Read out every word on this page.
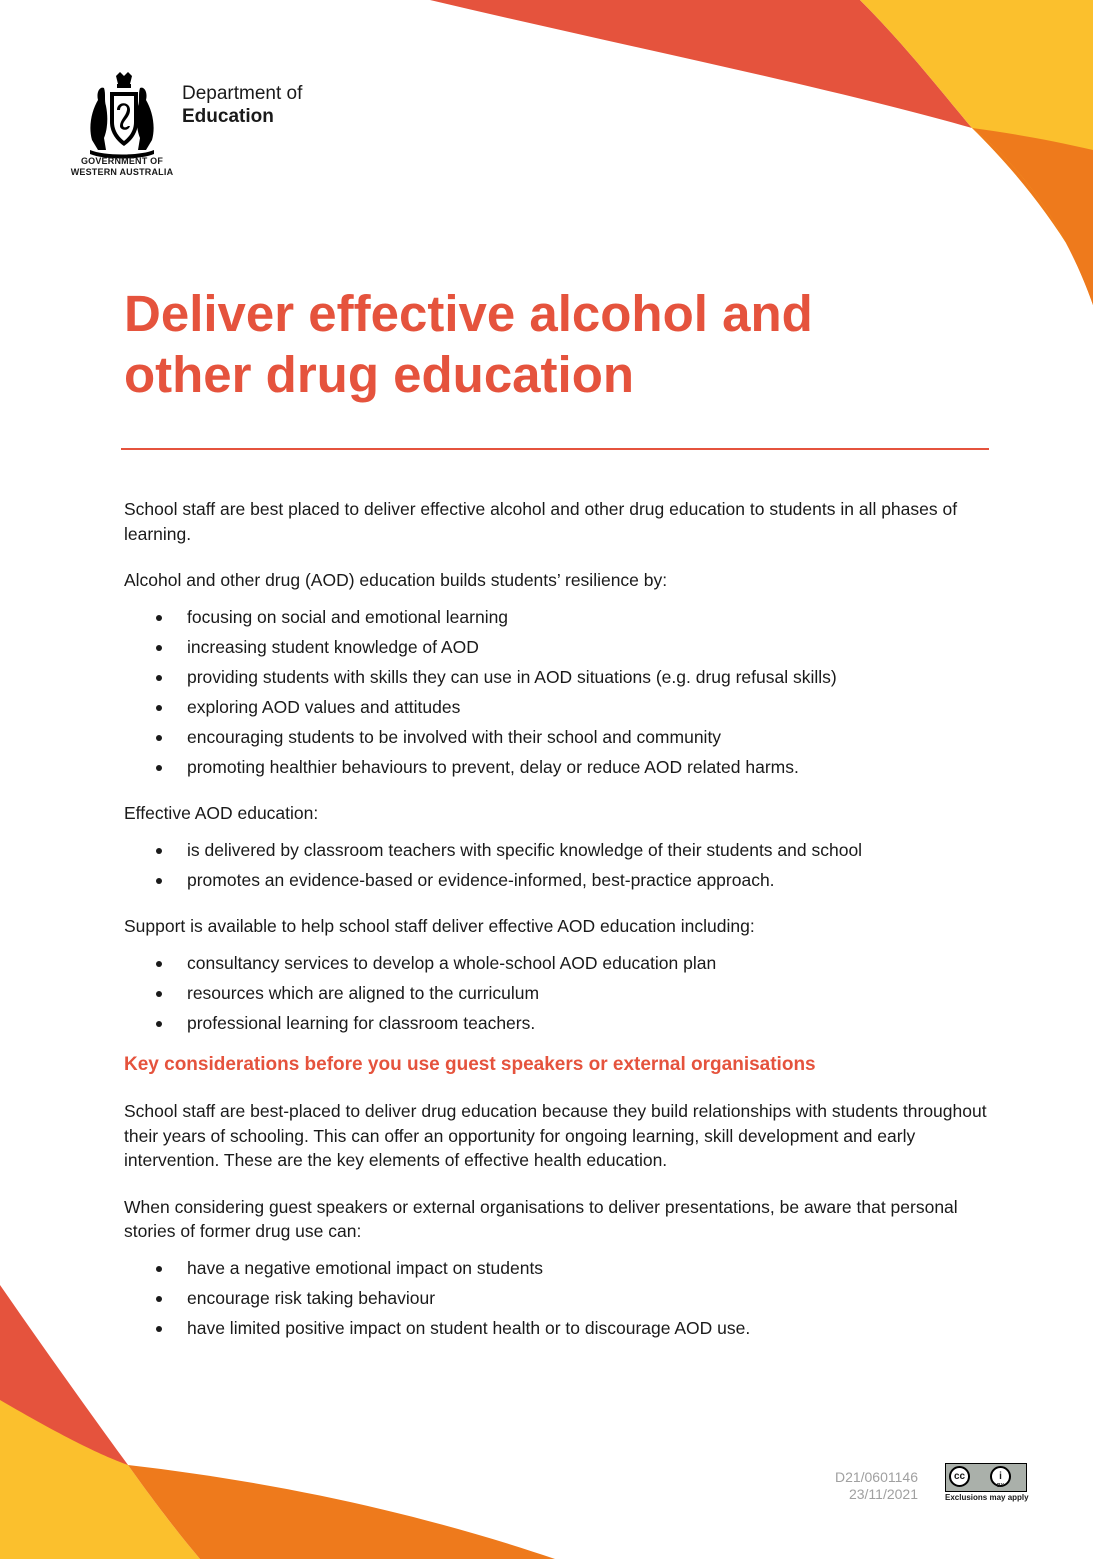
GOVERNMENT OF
WESTERN AUSTRALIA
Department of
Education
Deliver effective alcohol and
other drug education

School staff are best placed to deliver effective alcohol and other drug education to students in all phases of learning.

Alcohol and other drug (AOD) education builds students’ resilience by:

focusing on social and emotional learning
increasing student knowledge of AOD
providing students with skills they can use in AOD situations (e.g. drug refusal skills)
exploring AOD values and attitudes
encouraging students to be involved with their school and community
promoting healthier behaviours to prevent, delay or reduce AOD related harms.

Effective AOD education:

is delivered by classroom teachers with specific knowledge of their students and school
promotes an evidence-based or evidence-informed, best-practice approach.

Support is available to help school staff deliver effective AOD education including:

consultancy services to develop a whole-school AOD education plan
resources which are aligned to the curriculum
professional learning for classroom teachers.
Key considerations before you use guest speakers or external organisations

School staff are best-placed to deliver drug education because they build relationships with students throughout their years of schooling. This can offer an opportunity for ongoing learning, skill development and early intervention. These are the key elements of effective health education.

When considering guest speakers or external organisations to deliver presentations, be aware that personal stories of former drug use can:

have a negative emotional impact on students
encourage risk taking behaviour
have limited positive impact on student health or to discourage AOD use.
D21/0601146
23/11/2021
cc	i
BY
Exclusions may apply
